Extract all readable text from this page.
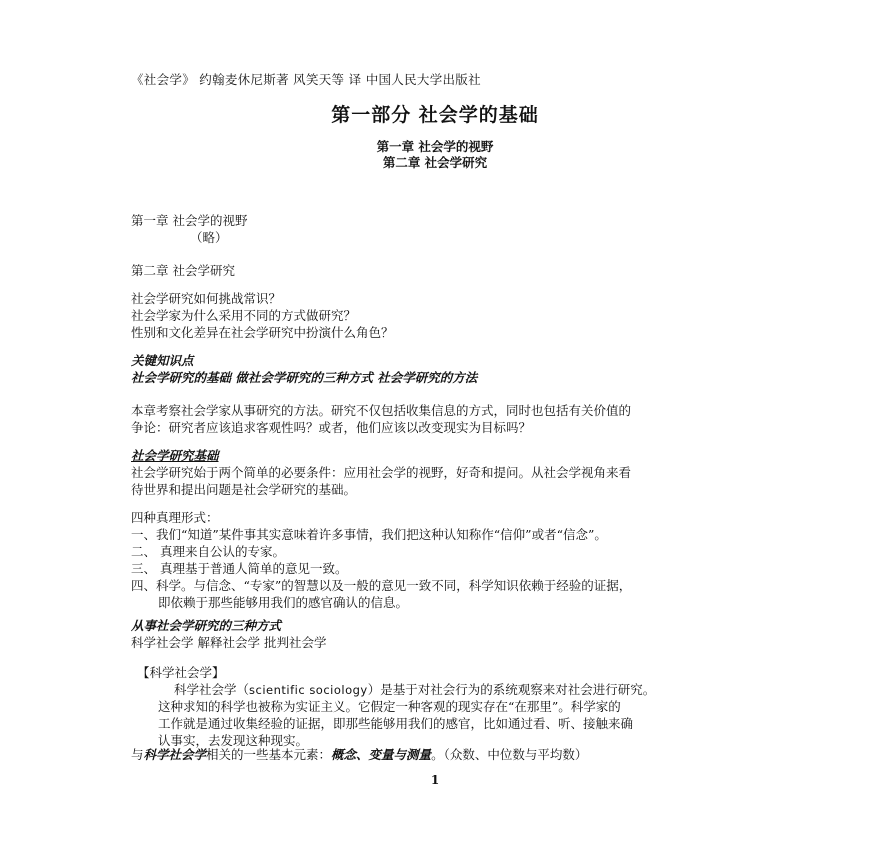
《社会学》 约翰麦休尼斯著 风笑天等 译 中国人民大学出版社
第一部分 社会学的基础
第一章 社会学的视野
第二章 社会学研究
第一章 社会学的视野
（略）
第二章 社会学研究
社会学研究如何挑战常识？
社会学家为什么采用不同的方式做研究？
性别和文化差异在社会学研究中扮演什么角色？
关键知识点
社会学研究的基础 做社会学研究的三种方式 社会学研究的方法
本章考察社会学家从事研究的方法。研究不仅包括收集信息的方式，同时也包括有关价值的
争论：研究者应该追求客观性吗？或者，他们应该以改变现实为目标吗？
社会学研究基础
社会学研究始于两个简单的必要条件：应用社会学的视野，好奇和提问。从社会学视角来看
待世界和提出问题是社会学研究的基础。
四种真理形式：
一、我们“知道”某件事其实意味着许多事情，我们把这种认知称作“信仰”或者“信念”。
二、 真理来自公认的专家。
三、 真理基于普通人简单的意见一致。
四、科学。与信念、“专家”的智慧以及一般的意见一致不同，科学知识依赖于经验的证据，
即依赖于那些能够用我们的感官确认的信息。
从事社会学研究的三种方式
科学社会学 解释社会学 批判社会学
【科学社会学】
科学社会学（scientific sociology）是基于对社会行为的系统观察来对社会进行研究。
这种求知的科学也被称为实证主义。它假定一种客观的现实存在“在那里”。科学家的
工作就是通过收集经验的证据，即那些能够用我们的感官，比如通过看、听、接触来确
认事实，去发现这种现实。
与科学社会学相关的一些基本元素：概念、变量与测量。（众数、中位数与平均数）
1
